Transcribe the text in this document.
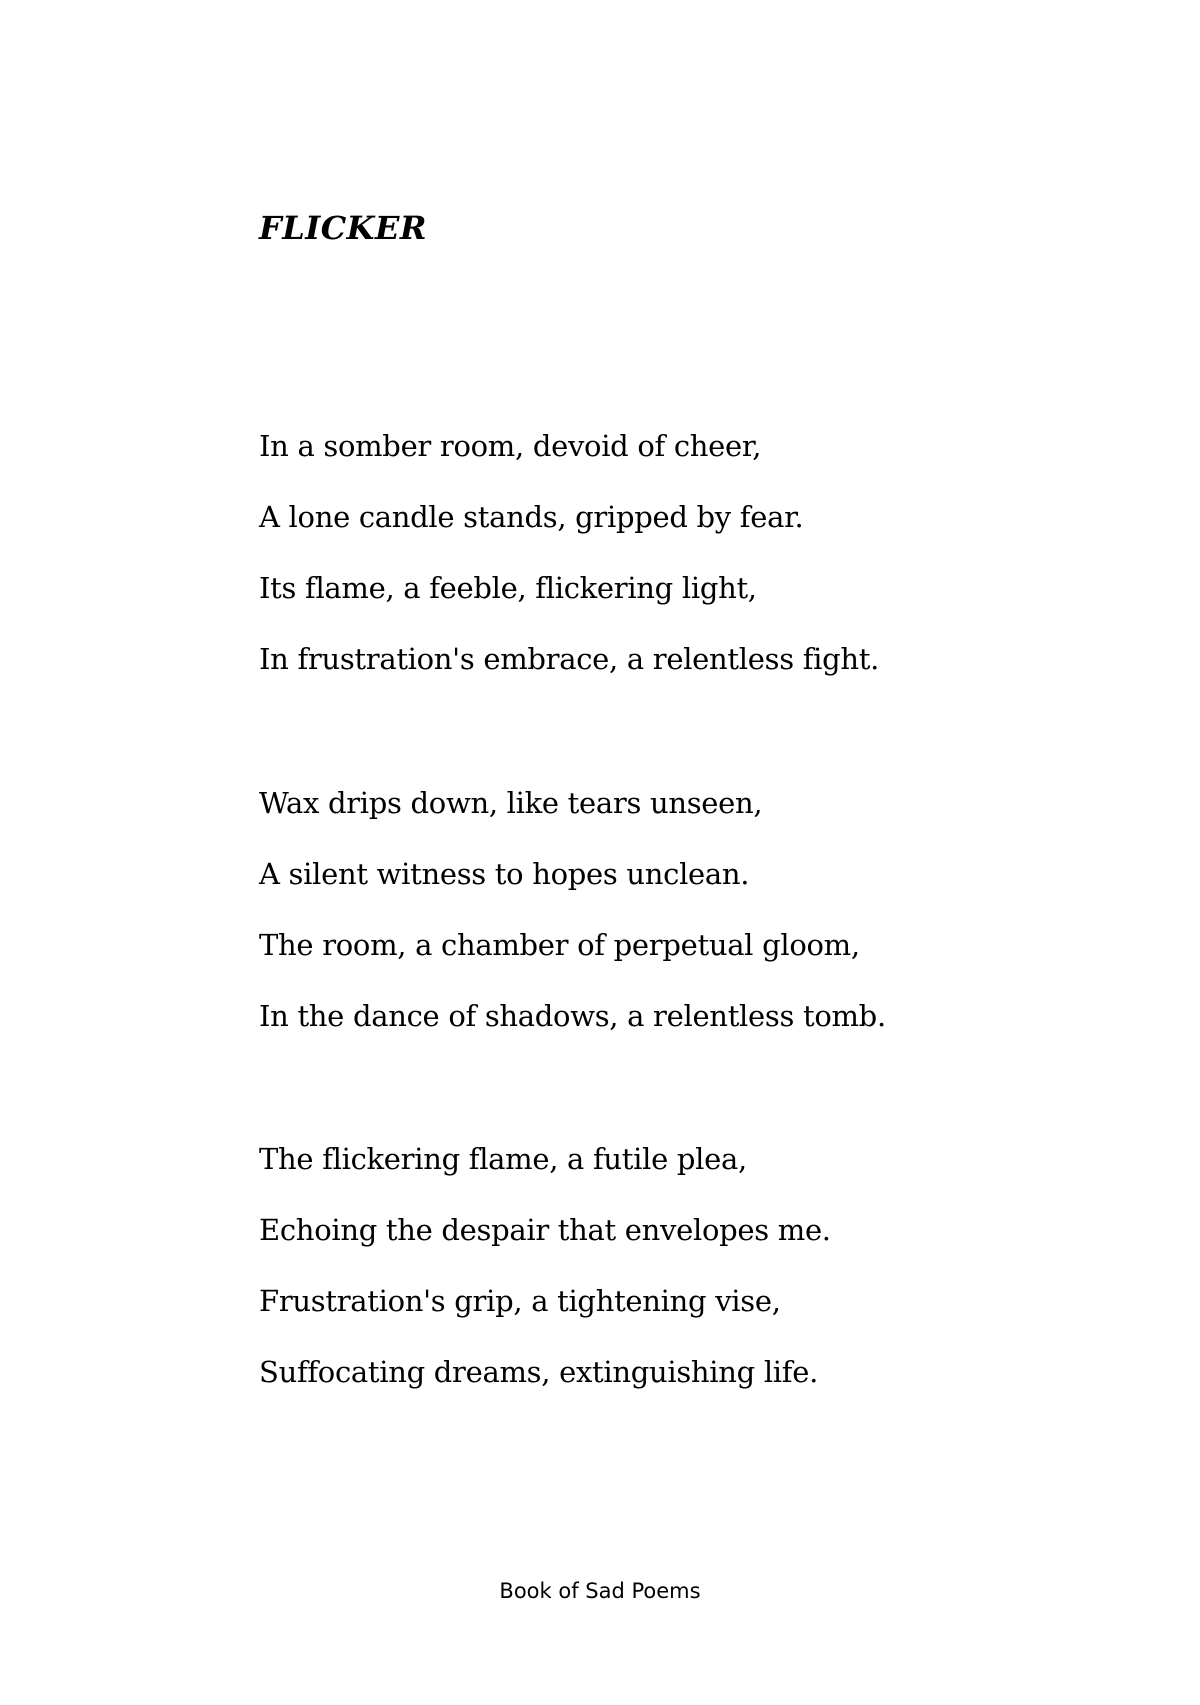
FLICKER
In a somber room, devoid of cheer,
A lone candle stands, gripped by fear.
Its flame, a feeble, flickering light,
In frustration's embrace, a relentless fight.
Wax drips down, like tears unseen,
A silent witness to hopes unclean.
The room, a chamber of perpetual gloom,
In the dance of shadows, a relentless tomb.
The flickering flame, a futile plea,
Echoing the despair that envelopes me.
Frustration's grip, a tightening vise,
Suffocating dreams, extinguishing life.
Book of Sad Poems
